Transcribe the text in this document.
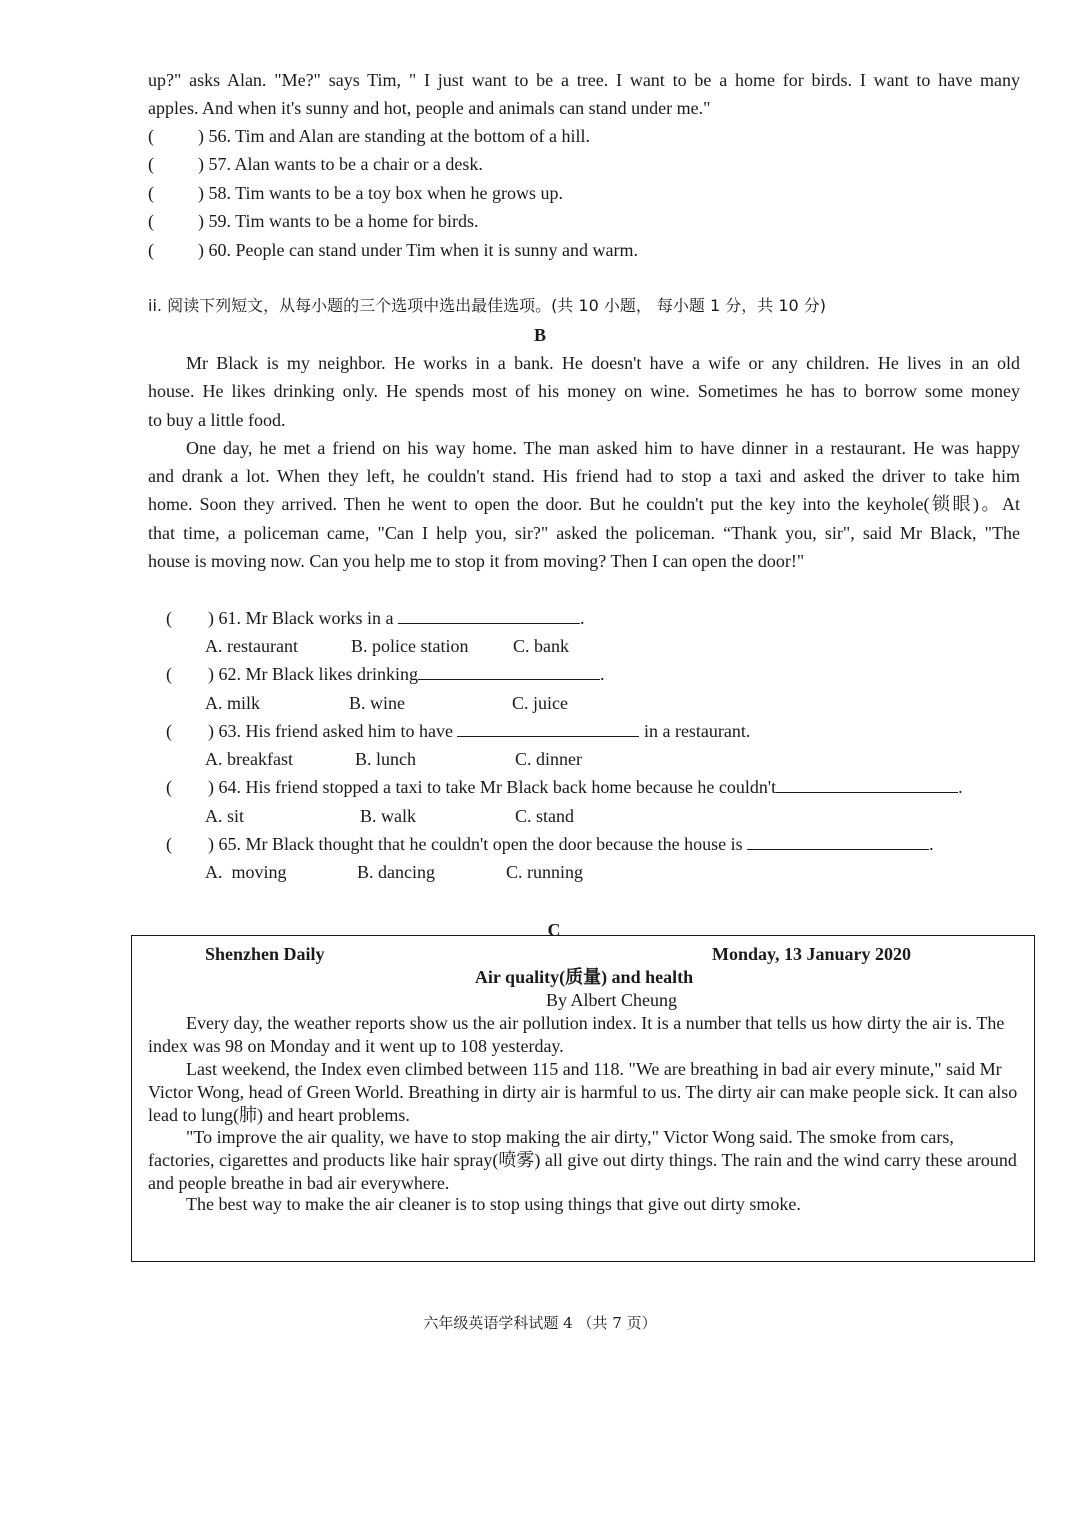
up?" asks Alan. "Me?" says Tim, " I just want to be a tree. I want to be a home for birds. I want to have many
apples. And when it's sunny and hot, people and animals can stand under me."
( ) 56. Tim and Alan are standing at the bottom of a hill.
( ) 57. Alan wants to be a chair or a desk.
( ) 58. Tim wants to be a toy box when he grows up.
( ) 59. Tim wants to be a home for birds.
( ) 60. People can stand under Tim when it is sunny and warm.
ii. 阅读下列短文，从每小题的三个选项中选出最佳选项。(共 10 小题， 每小题 1 分，共 10 分)
B
Mr Black is my neighbor. He works in a bank. He doesn't have a wife or any children. He lives in an old
house. He likes drinking only. He spends most of his money on wine. Sometimes he has to borrow some money
to buy a little food.
One day, he met a friend on his way home. The man asked him to have dinner in a restaurant. He was happy
and drank a lot. When they left, he couldn't stand. His friend had to stop a taxi and asked the driver to take him
home. Soon they arrived. Then he went to open the door. But he couldn't put the key into the keyhole(锁眼)。At
that time, a policeman came, "Can I help you, sir?" asked the policeman. “Thank you, sir", said Mr Black, "The
house is moving now. Can you help me to stop it from moving? Then I can open the door!"
( ) 61. Mr Black works in a	.
A. restaurant	B. police station C. bank
( ) 62. Mr Black likes drinking	.
A. milk	B. wine	C. juice
( ) 63. His friend asked him to have	in a restaurant.
A. breakfast	B. lunch	C. dinner
( ) 64. His friend stopped a taxi to take Mr Black back home because he couldn't	.
A. sit	B. walk	C. stand
( ) 65. Mr Black thought that he couldn't open the door because the house is	.
A.  moving	B. dancing	C. running
C
Shenzhen Daily	Monday, 13 January 2020
Air quality(质量) and health
By Albert Cheung
Every day, the weather reports show us the air pollution index. It is a number that tells us how dirty the air is. The index was 98 on Monday and it went up to 108 yesterday.
Last weekend, the Index even climbed between 115 and 118. "We are breathing in bad air every minute," said Mr Victor Wong, head of Green World. Breathing in dirty air is harmful to us. The dirty air can make people sick. It can also lead to lung(肺) and heart problems.
"To improve the air quality, we have to stop making the air dirty," Victor Wong said. The smoke from cars, factories, cigarettes and products like hair spray(喷雾) all give out dirty things. The rain and the wind carry these around and people breathe in bad air everywhere.
The best way to make the air cleaner is to stop using things that give out dirty smoke.
六年级英语学科试题 4 （共 7 页）
